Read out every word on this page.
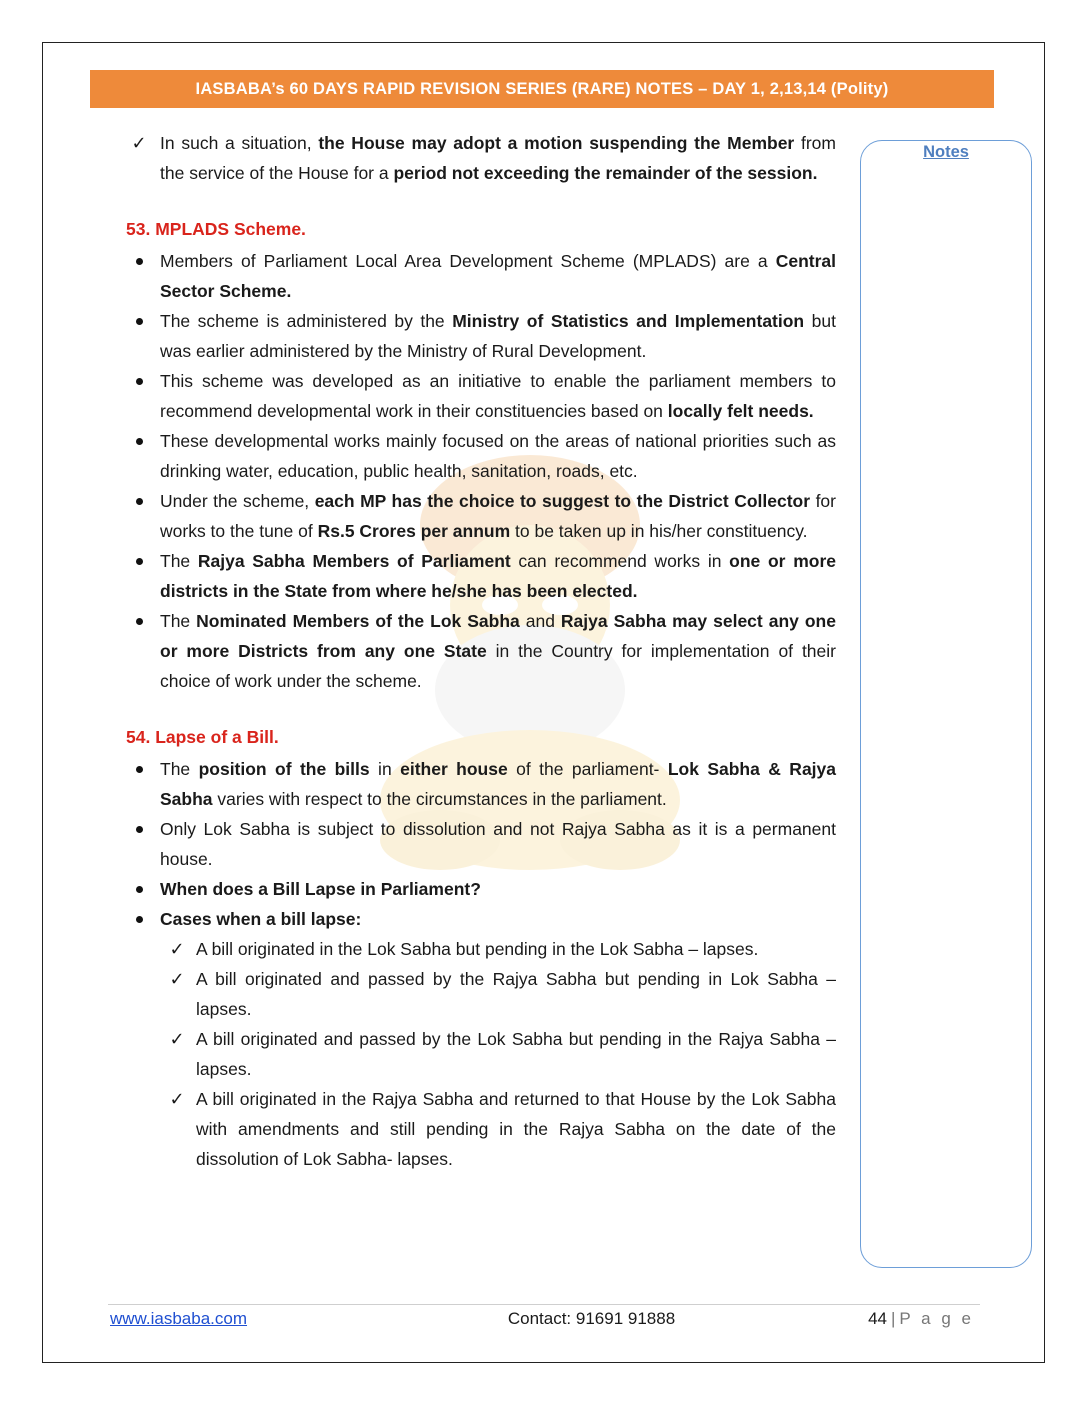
IASBABA’s 60 DAYS RAPID REVISION SERIES (RARE) NOTES – DAY 1, 2,13,14 (Polity)
Notes
✓ In such a situation, the House may adopt a motion suspending the Member from the service of the House for a period not exceeding the remainder of the session.
53. MPLADS Scheme.
Members of Parliament Local Area Development Scheme (MPLADS) are a Central Sector Scheme.
The scheme is administered by the Ministry of Statistics and Implementation but was earlier administered by the Ministry of Rural Development.
This scheme was developed as an initiative to enable the parliament members to recommend developmental work in their constituencies based on locally felt needs.
These developmental works mainly focused on the areas of national priorities such as drinking water, education, public health, sanitation, roads, etc.
Under the scheme, each MP has the choice to suggest to the District Collector for works to the tune of Rs.5 Crores per annum to be taken up in his/her constituency.
The Rajya Sabha Members of Parliament can recommend works in one or more districts in the State from where he/she has been elected.
The Nominated Members of the Lok Sabha and Rajya Sabha may select any one or more Districts from any one State in the Country for implementation of their choice of work under the scheme.
54. Lapse of a Bill.
The position of the bills in either house of the parliament- Lok Sabha & Rajya Sabha varies with respect to the circumstances in the parliament.
Only Lok Sabha is subject to dissolution and not Rajya Sabha as it is a permanent house.
When does a Bill Lapse in Parliament?
Cases when a bill lapse:
✓ A bill originated in the Lok Sabha but pending in the Lok Sabha – lapses.
✓ A bill originated and passed by the Rajya Sabha but pending in Lok Sabha – lapses.
✓ A bill originated and passed by the Lok Sabha but pending in the Rajya Sabha – lapses.
✓ A bill originated in the Rajya Sabha and returned to that House by the Lok Sabha with amendments and still pending in the Rajya Sabha on the date of the dissolution of Lok Sabha- lapses.
www.iasbaba.com	Contact: 91691 91888	44 | P a g e
